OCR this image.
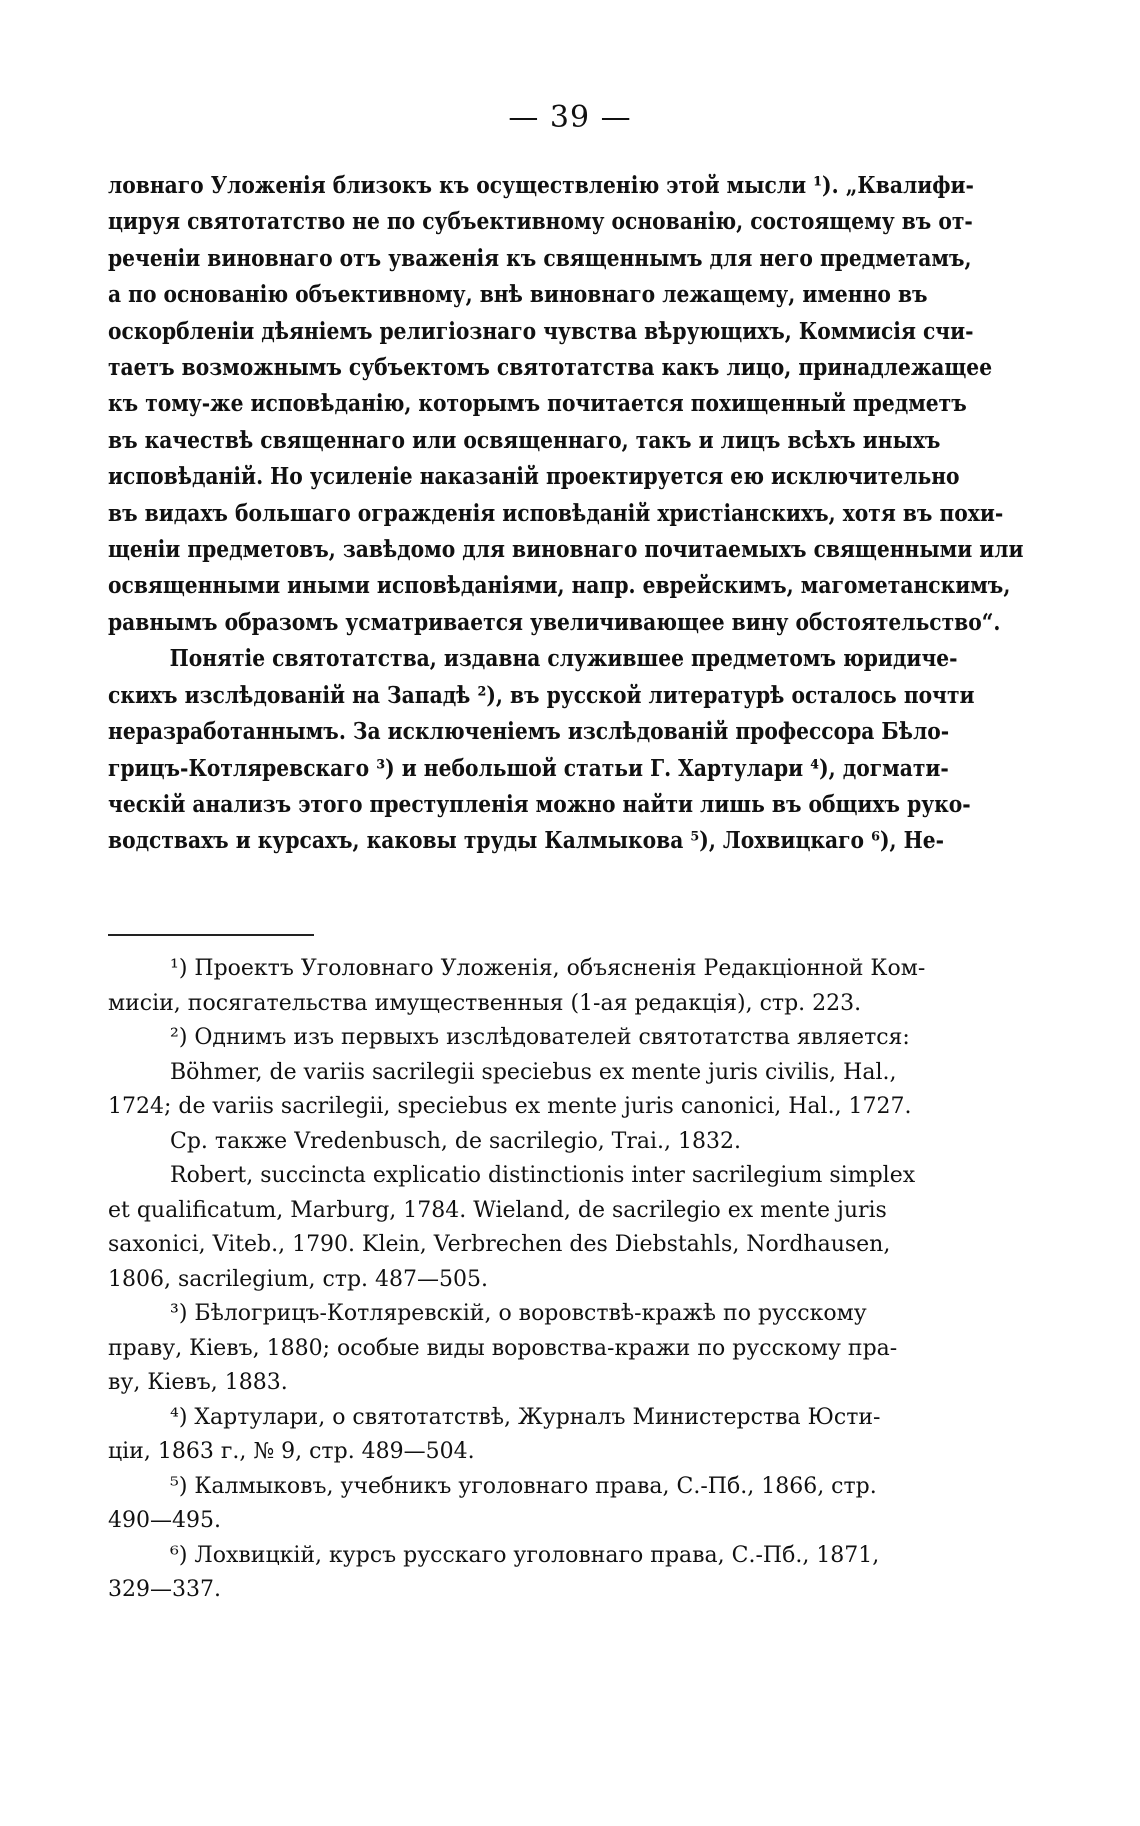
— 39 —
ловнаго Уложенія близокъ къ осуществленію этой мысли ¹). „Квалифи-
цируя святотатство не по субъективному основанію, состоящему въ от-
реченіи виновнаго отъ уваженія къ священнымъ для него предметамъ,
а по основанію объективному, внѣ виновнаго лежащему, именно въ
оскорбленіи дѣяніемъ религіознаго чувства вѣрующихъ, Коммисія счи-
таетъ возможнымъ субъектомъ святотатства какъ лицо, принадлежащее
къ тому-же исповѣданію, которымъ почитается похищенный предметъ
въ качествѣ священнаго или освященнаго, такъ и лицъ всѣхъ иныхъ
исповѣданій. Но усиленіе наказаній проектируется ею исключительно
въ видахъ большаго огражденія исповѣданій христіанскихъ, хотя въ похи-
щеніи предметовъ, завѣдомо для виновнаго почитаемыхъ священными или
освященными иными исповѣданіями, напр. еврейскимъ, магометанскимъ,
равнымъ образомъ усматривается увеличивающее вину обстоятельство“.
Понятіе святотатства, издавна служившее предметомъ юридиче-
скихъ изслѣдованій на Западѣ ²), въ русской литературѣ осталось почти
неразработаннымъ. За исключеніемъ изслѣдованій профессора Бѣло-
грицъ-Котляревскаго ³) и небольшой статьи Г. Хартулари ⁴), догмати-
ческій анализъ этого преступленія можно найти лишь въ общихъ руко-
водствахъ и курсахъ, каковы труды Калмыкова ⁵), Лохвицкаго ⁶), Не-
¹) Проектъ Уголовнаго Уложенія, объясненія Редакціонной Ком-
мисіи, посягательства имущественныя (1-ая редакція), стр. 223.
²) Однимъ изъ первыхъ изслѣдователей святотатства является:
Böhmer, de variis sacrilegii speciebus ex mente juris civilis, Hal.,
1724; de variis sacrilegii, speciebus ex mente juris canonici, Hal., 1727.
Ср. также Vredenbusch, de sacrilegio, Trai., 1832.
Robert, succincta explicatio distinctionis inter sacrilegium simplex
et qualificatum, Marburg, 1784. Wieland, de sacrilegio ex mente juris
saxonici, Viteb., 1790. Klein, Verbrechen des Diebstahls, Nordhausen,
1806, sacrilegium, стр. 487—505.
³) Бѣлогрицъ-Котляревскій, о воровствѣ-кражѣ по русскому
праву, Кіевъ, 1880; особые виды воровства-кражи по русскому пра-
ву, Кіевъ, 1883.
⁴) Хартулари, о святотатствѣ, Журналъ Министерства Юсти-
ціи, 1863 г., № 9, стр. 489—504.
⁵) Калмыковъ, учебникъ уголовнаго права, С.-Пб., 1866, стр.
490—495.
⁶) Лохвицкій, курсъ русскаго уголовнаго права, С.-Пб., 1871,
329—337.
